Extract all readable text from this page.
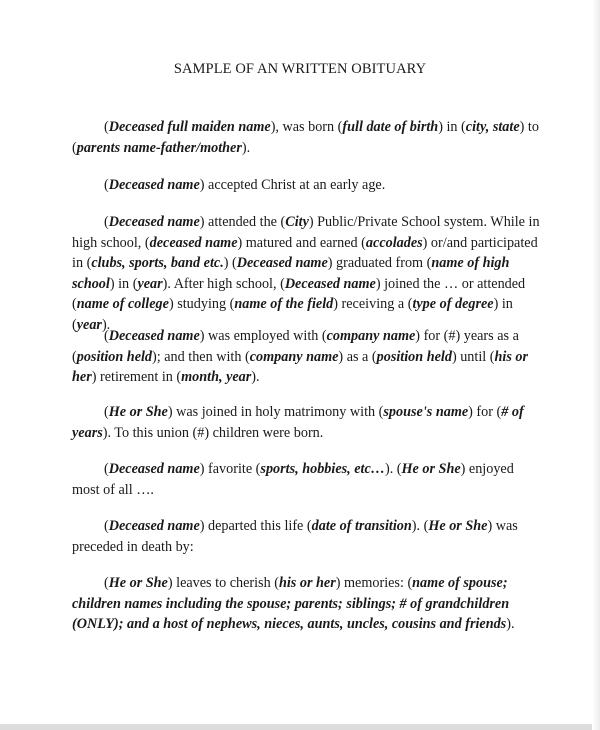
SAMPLE OF AN WRITTEN OBITUARY

(Deceased full maiden name), was born (full date of birth) in (city, state) to (parents name-father/mother).

(Deceased name) accepted Christ at an early age.

(Deceased name) attended the (City) Public/Private School system. While in high school, (deceased name) matured and earned (accolades) or/and participated in (clubs, sports, band etc.) (Deceased name) graduated from (name of high school) in (year). After high school, (Deceased name) joined the … or attended (name of college) studying (name of the field) receiving a (type of degree) in (year).

(Deceased name) was employed with (company name) for (#) years as a (position held); and then with (company name) as a (position held) until (his or her) retirement in (month, year).

(He or She) was joined in holy matrimony with (spouse's name) for (# of years). To this union (#) children were born.

(Deceased name) favorite (sports, hobbies, etc…). (He or She) enjoyed most of all ….

(Deceased name) departed this life (date of transition). (He or She) was preceded in death by:

(He or She) leaves to cherish (his or her) memories: (name of spouse; children names including the spouse; parents; siblings; # of grandchildren (ONLY); and a host of nephews, nieces, aunts, uncles, cousins and friends).
